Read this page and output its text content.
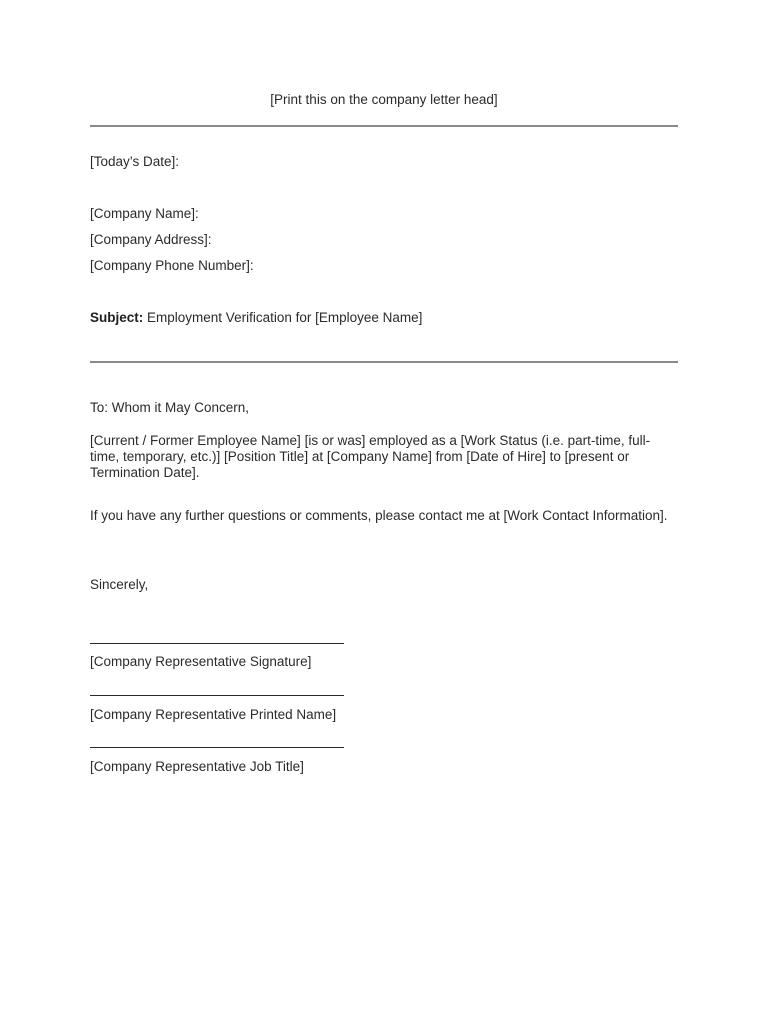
[Print this on the company letter head]
[Today’s Date]:
[Company Name]:
[Company Address]:
[Company Phone Number]:
Subject: Employment Verification for [Employee Name]
To: Whom it May Concern,
[Current / Former Employee Name] [is or was] employed as a [Work Status (i.e. part-time, full-time, temporary, etc.)] [Position Title] at [Company Name] from [Date of Hire] to [present or Termination Date].
If you have any further questions or comments, please contact me at [Work Contact Information].
Sincerely,
[Company Representative Signature]
[Company Representative Printed Name]
[Company Representative Job Title]
